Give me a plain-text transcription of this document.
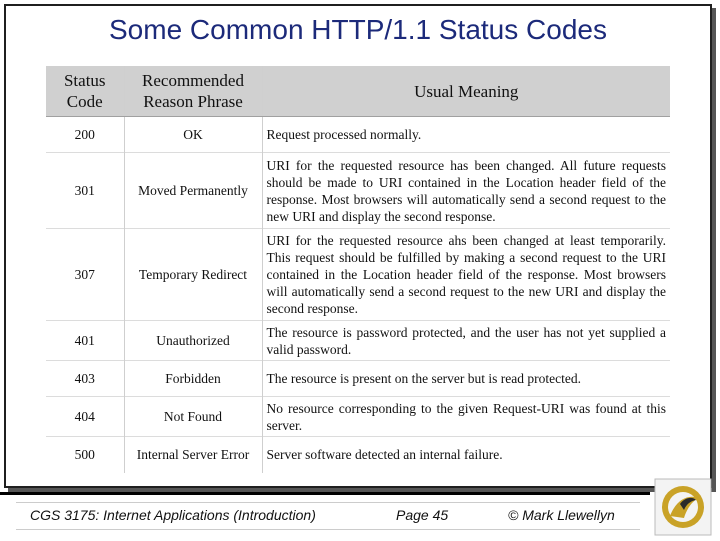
Some Common HTTP/1.1 Status Codes
Status Code	Recommended Reason Phrase	Usual Meaning
200	OK	Request processed normally.
301	Moved Permanently	URI for the requested resource has been changed. All future requests should be made to URI contained in the Location header field of the response. Most browsers will automatically send a second request to the new URI and display the second response.
307	Temporary Redirect	URI for the requested resource ahs been changed at least temporarily. This request should be fulfilled by making a second request to the URI contained in the Location header field of the response. Most browsers will automatically send a second request to the new URI and display the second response.
401	Unauthorized	The resource is password protected, and the user has not yet supplied a valid password.
403	Forbidden	The resource is present on the server but is read protected.
404	Not Found	No resource corresponding to the given Request-URI was found at this server.
500	Internal Server Error	Server software detected an internal failure.
CGS 3175: Internet Applications (Introduction)	Page 45	© Mark Llewellyn
